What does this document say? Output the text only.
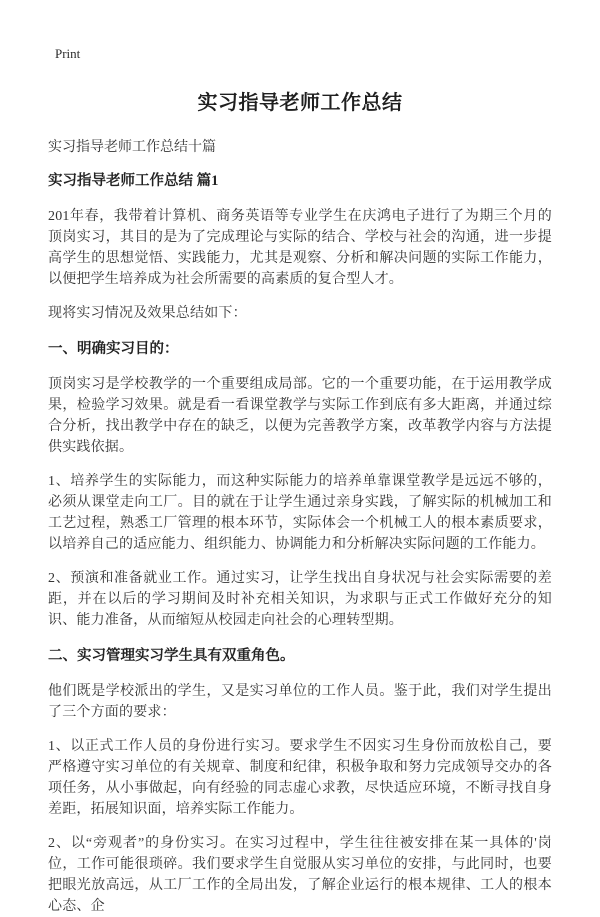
Print
实习指导老师工作总结
实习指导老师工作总结十篇
实习指导老师工作总结 篇1
201年春，我带着计算机、商务英语等专业学生在庆鸿电子进行了为期三个月的顶岗实习，其目的是为了完成理论与实际的结合、学校与社会的沟通，进一步提高学生的思想觉悟、实践能力，尤其是观察、分析和解决问题的实际工作能力，以便把学生培养成为社会所需要的高素质的复合型人才。
现将实习情况及效果总结如下：
一、明确实习目的：
顶岗实习是学校教学的一个重要组成局部。它的一个重要功能，在于运用教学成果，检验学习效果。就是看一看课堂教学与实际工作到底有多大距离，并通过综合分析，找出教学中存在的缺乏，以便为完善教学方案，改革教学内容与方法提供实践依据。
1、培养学生的实际能力，而这种实际能力的培养单靠课堂教学是远远不够的，必须从课堂走向工厂。目的就在于让学生通过亲身实践，了解实际的机械加工和工艺过程，熟悉工厂管理的根本环节，实际体会一个机械工人的根本素质要求，以培养自己的适应能力、组织能力、协调能力和分析解决实际问题的工作能力。
2、预演和准备就业工作。通过实习，让学生找出自身状况与社会实际需要的差距，并在以后的学习期间及时补充相关知识，为求职与正式工作做好充分的知识、能力准备，从而缩短从校园走向社会的心理转型期。
二、实习管理实习学生具有双重角色。
他们既是学校派出的学生，又是实习单位的工作人员。鉴于此，我们对学生提出了三个方面的要求：
1、以正式工作人员的身份进行实习。要求学生不因实习生身份而放松自己，要严格遵守实习单位的有关规章、制度和纪律，积极争取和努力完成领导交办的各项任务，从小事做起，向有经验的同志虚心求教，尽快适应环境，不断寻找自身差距，拓展知识面，培养实际工作能力。
2、以“旁观者”的身份实习。在实习过程中，学生往往被安排在某一具体的'岗位，工作可能很琐碎。我们要求学生自觉服从实习单位的安排，与此同时，也要把眼光放高远，从工厂工作的全局出发，了解企业运行的根本规律、工人的根本心态、企
